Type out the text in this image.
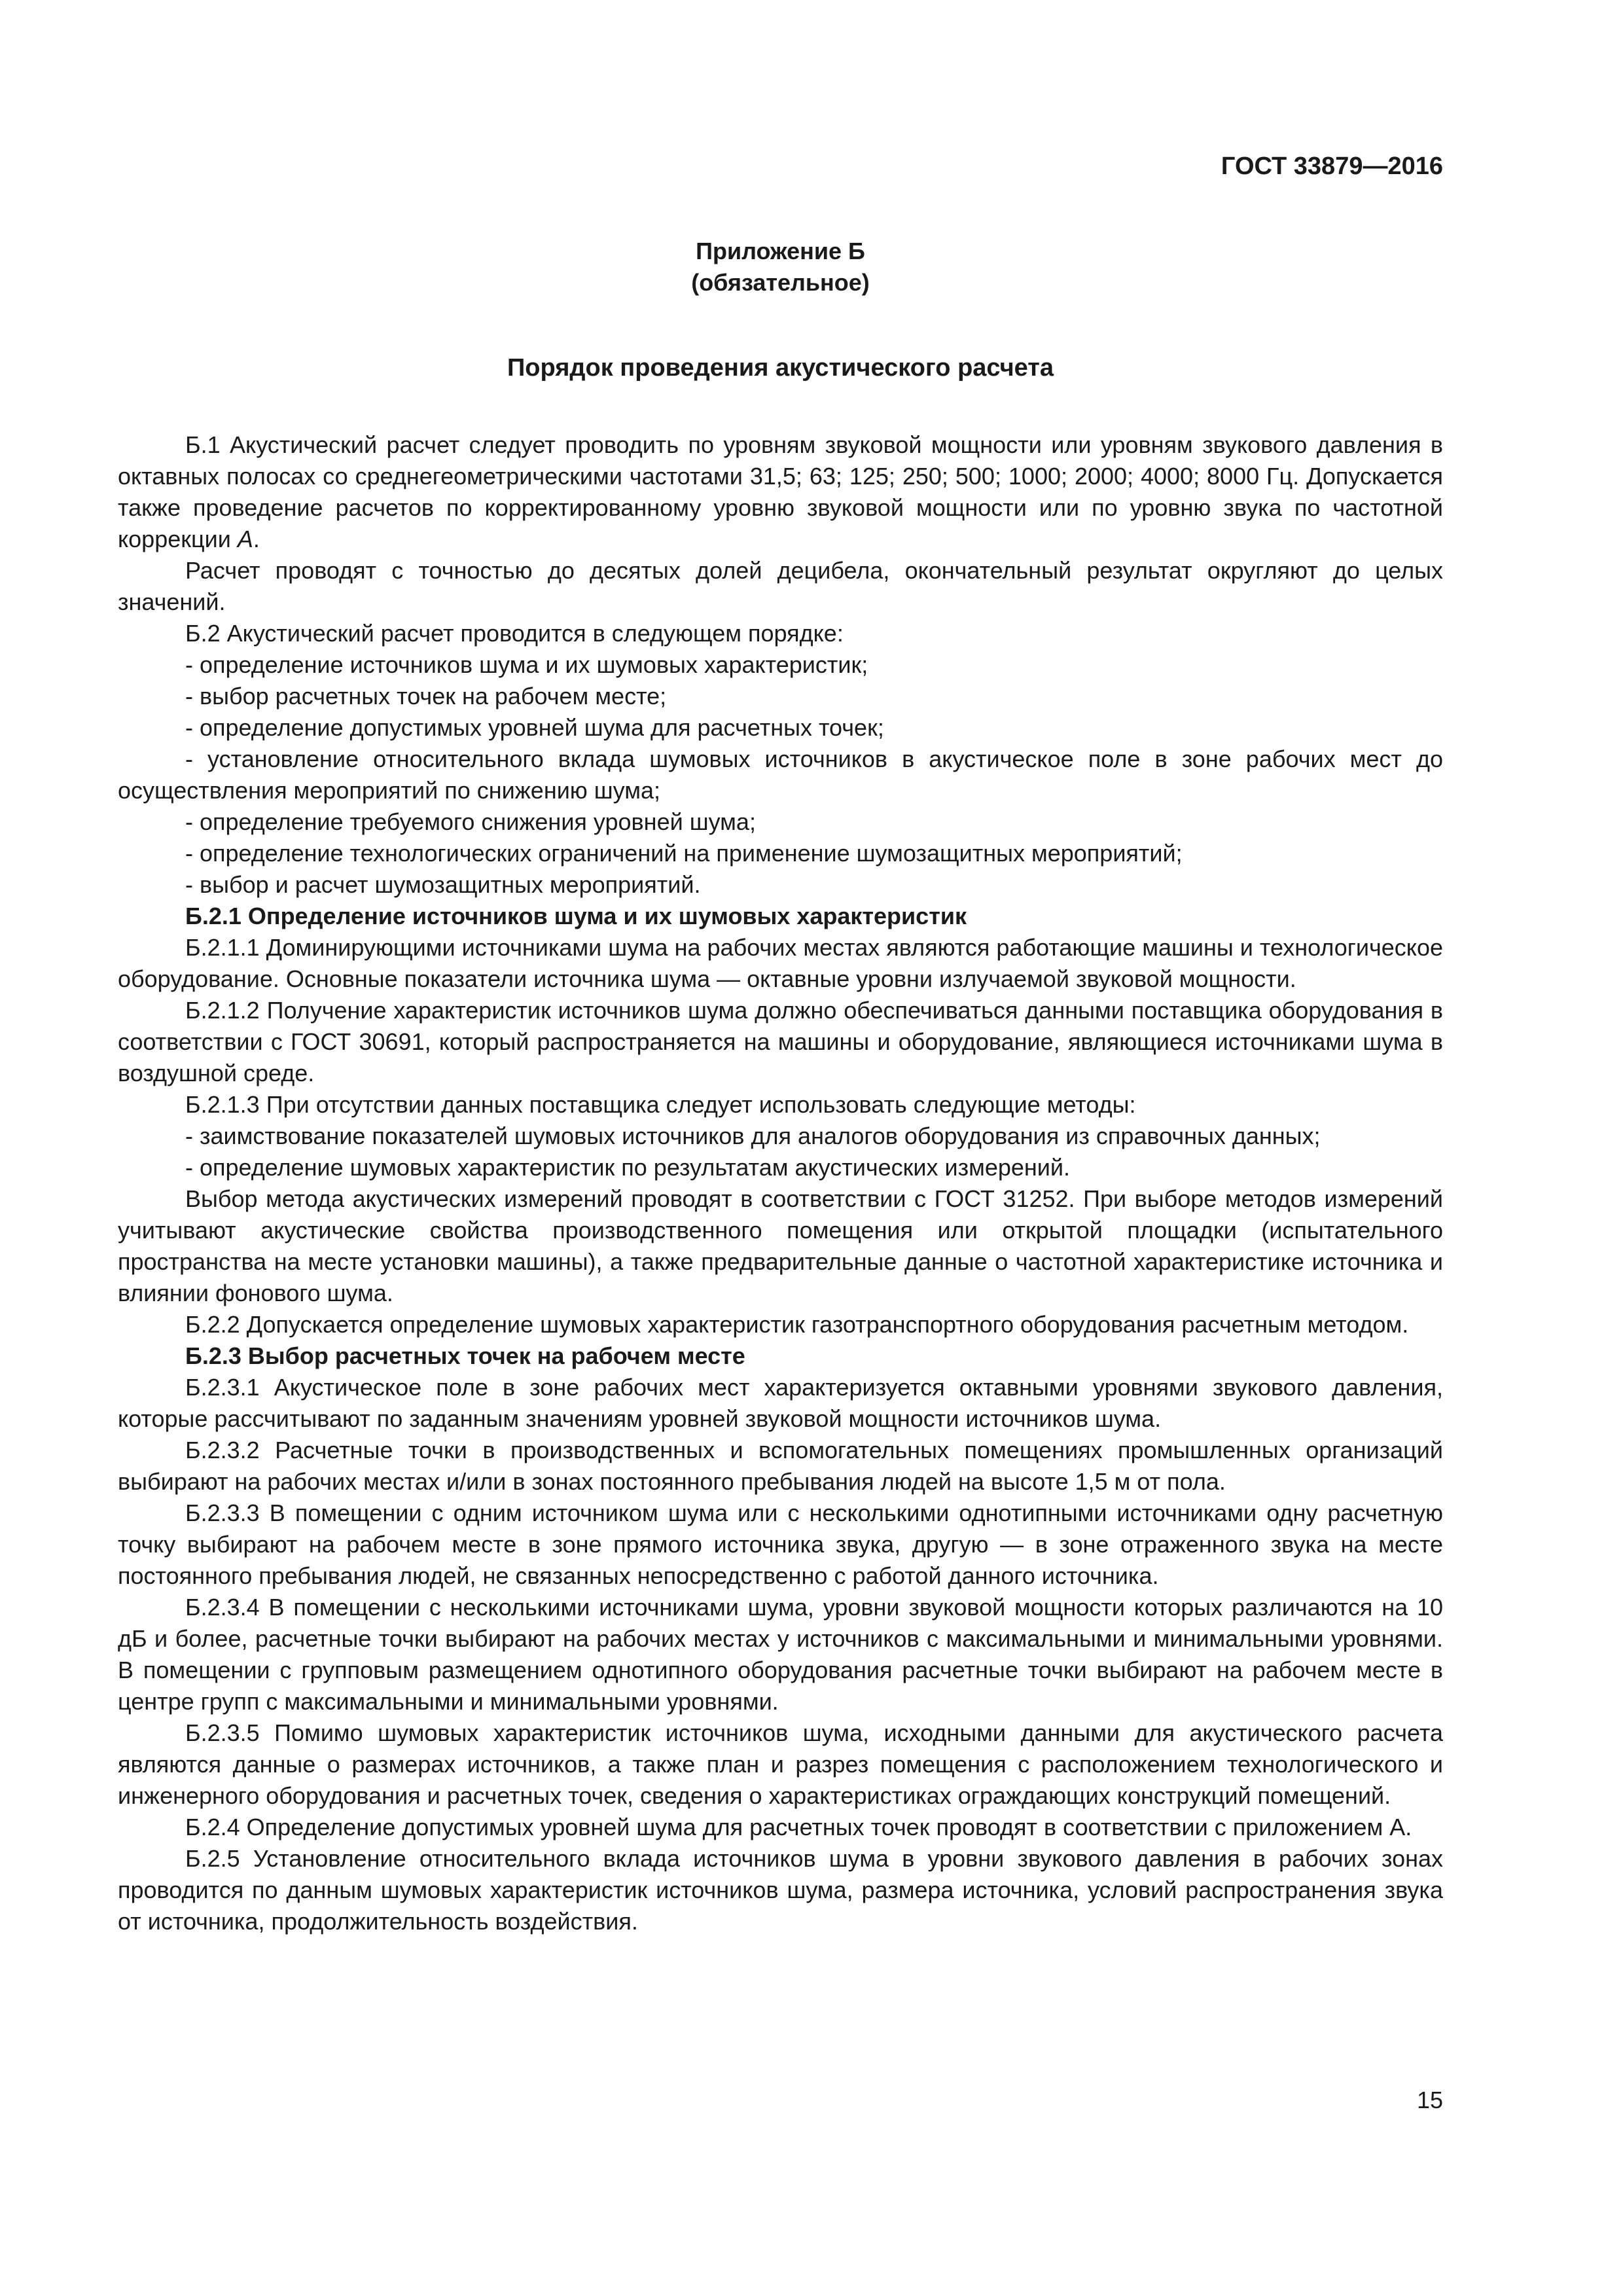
ГОСТ 33879—2016
Приложение Б
(обязательное)
Порядок проведения акустического расчета

Б.1 Акустический расчет следует проводить по уровням звуковой мощности или уровням звукового давления в октавных полосах со среднегеометрическими частотами 31,5; 63; 125; 250; 500; 1000; 2000; 4000; 8000 Гц. Допускается также проведение расчетов по корректированному уровню звуковой мощности или по уровню звука по частотной коррекции А.

Расчет проводят с точностью до десятых долей децибела, окончательный результат округляют до целых значений.

Б.2 Акустический расчет проводится в следующем порядке:

- определение источников шума и их шумовых характеристик;

- выбор расчетных точек на рабочем месте;

- определение допустимых уровней шума для расчетных точек;

- установление относительного вклада шумовых источников в акустическое поле в зоне рабочих мест до осуществления мероприятий по снижению шума;

- определение требуемого снижения уровней шума;

- определение технологических ограничений на применение шумозащитных мероприятий;

- выбор и расчет шумозащитных мероприятий.

Б.2.1 Определение источников шума и их шумовых характеристик

Б.2.1.1 Доминирующими источниками шума на рабочих местах являются работающие машины и технологическое оборудование. Основные показатели источника шума — октавные уровни излучаемой звуковой мощности.

Б.2.1.2 Получение характеристик источников шума должно обеспечиваться данными поставщика оборудования в соответствии с ГОСТ 30691, который распространяется на машины и оборудование, являющиеся источниками шума в воздушной среде.

Б.2.1.3 При отсутствии данных поставщика следует использовать следующие методы:

- заимствование показателей шумовых источников для аналогов оборудования из справочных данных;

- определение шумовых характеристик по результатам акустических измерений.

Выбор метода акустических измерений проводят в соответствии с ГОСТ 31252. При выборе методов измерений учитывают акустические свойства производственного помещения или открытой площадки (испытательного пространства на месте установки машины), а также предварительные данные о частотной характеристике источника и влиянии фонового шума.

Б.2.2 Допускается определение шумовых характеристик газотранспортного оборудования расчетным методом.

Б.2.3 Выбор расчетных точек на рабочем месте

Б.2.3.1 Акустическое поле в зоне рабочих мест характеризуется октавными уровнями звукового давления, которые рассчитывают по заданным значениям уровней звуковой мощности источников шума.

Б.2.3.2 Расчетные точки в производственных и вспомогательных помещениях промышленных организаций выбирают на рабочих местах и/или в зонах постоянного пребывания людей на высоте 1,5 м от пола.

Б.2.3.3 В помещении с одним источником шума или с несколькими однотипными источниками одну расчетную точку выбирают на рабочем месте в зоне прямого источника звука, другую — в зоне отраженного звука на месте постоянного пребывания людей, не связанных непосредственно с работой данного источника.

Б.2.3.4 В помещении с несколькими источниками шума, уровни звуковой мощности которых различаются на 10 дБ и более, расчетные точки выбирают на рабочих местах у источников с максимальными и минимальными уровнями. В помещении с групповым размещением однотипного оборудования расчетные точки выбирают на рабочем месте в центре групп с максимальными и минимальными уровнями.

Б.2.3.5 Помимо шумовых характеристик источников шума, исходными данными для акустического расчета являются данные о размерах источников, а также план и разрез помещения с расположением технологического и инженерного оборудования и расчетных точек, сведения о характеристиках ограждающих конструкций помещений.

Б.2.4 Определение допустимых уровней шума для расчетных точек проводят в соответствии с приложением А.

Б.2.5 Установление относительного вклада источников шума в уровни звукового давления в рабочих зонах проводится по данным шумовых характеристик источников шума, размера источника, условий распространения звука от источника, продолжительность воздействия.

15
